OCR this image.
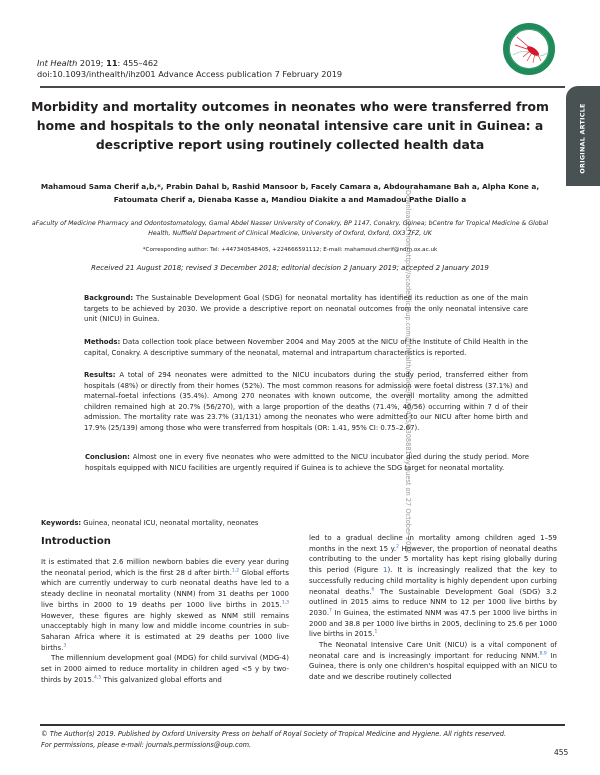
Int Health 2019; 11: 455–462
doi:10.1093/inthealth/ihz001 Advance Access publication 7 February 2019
ORIGINAL ARTICLE
Downloaded from https://academic.oup.com/inthealth/article/11/6/455/5308881 by guest on 27 October 2022
Morbidity and mortality outcomes in neonates who were transferred from home and hospitals to the only neonatal intensive care unit in Guinea: a descriptive report using routinely collected health data
Mahamoud Sama Cherif a,b,*, Prabin Dahal b, Rashid Mansoor b, Facely Camara a, Abdourahamane Bah a, Alpha Kone a, Fatoumata Cherif a, Dienaba Kasse a, Mandiou Diakite a and Mamadou Pathe Diallo a
aFaculty of Medicine Pharmacy and Odontostomatology, Gamal Abdel Nasser University of Conakry, BP 1147, Conakry, Guinea; bCentre for Tropical Medicine & Global Health, Nuffield Department of Clinical Medicine, University of Oxford, Oxford, OX3 7FZ, UK
*Corresponding author: Tel: +447340548405, +224666591112; E-mail: mahamoud.cherif@ndm.ox.ac.uk
Received 21 August 2018; revised 3 December 2018; editorial decision 2 January 2019; accepted 2 January 2019
Background: The Sustainable Development Goal (SDG) for neonatal mortality has identified its reduction as one of the main targets to be achieved by 2030. We provide a descriptive report on neonatal outcomes from the only neonatal intensive care unit (NICU) in Guinea.
Methods: Data collection took place between November 2004 and May 2005 at the NICU of the Institute of Child Health in the capital, Conakry. A descriptive summary of the neonatal, maternal and intrapartum characteristics is reported.
Results: A total of 294 neonates were admitted to the NICU incubators during the study period, transferred either from hospitals (48%) or directly from their homes (52%). The most common reasons for admission were foetal distress (37.1%) and maternal–foetal infections (35.4%). Among 270 neonates with known outcome, the overall mortality among the admitted children remained high at 20.7% (56/270), with a large proportion of the deaths (71.4%, 40/56) occurring within 7 d of their admission. The mortality rate was 23.7% (31/131) among the neonates who were admitted to our NICU after home birth and 17.9% (25/139) among those who were transferred from hospitals (OR: 1.41, 95% CI: 0.75–2.67).
Conclusion: Almost one in every five neonates who were admitted to the NICU incubator died during the study period. More hospitals equipped with NICU facilities are urgently required if Guinea is to achieve the SDG target for neonatal mortality.
Keywords: Guinea, neonatal ICU, neonatal mortality, neonates
Introduction
It is estimated that 2.6 million newborn babies die every year during the neonatal period, which is the first 28 d after birth.$^{1,2}$ Global efforts which are currently underway to curb neonatal deaths have led to a steady decline in neonatal mortality (NNM) from 31 deaths per 1000 live births in 2000 to 19 deaths per 1000 live births in 2015.$^{1,3}$ However, these figures are highly skewed as NNM still remains unacceptably high in many low and middle income countries in sub-Saharan Africa where it is estimated at 29 deaths per 1000 live births.$^3$
The millennium development goal (MDG) for child survival (MDG-4) set in 2000 aimed to reduce mortality in children aged <5 y by two-thirds by 2015.$^{4,5}$ This galvanized global efforts and
led to a gradual decline in mortality among children aged 1–59 months in the next 15 y.$^2$ However, the proportion of neonatal deaths contributing to the under 5 mortality has kept rising globally during this period (Figure 1). It is increasingly realized that the key to successfully reducing child mortality is highly dependent upon curbing neonatal deaths.$^6$ The Sustainable Development Goal (SDG) 3.2 outlined in 2015 aims to reduce NNM to 12 per 1000 live births by 2030.$^7$ In Guinea, the estimated NNM was 47.5 per 1000 live births in 2000 and 38.8 per 1000 live births in 2005, declining to 25.6 per 1000 live births in 2015.$^1$
The Neonatal Intensive Care Unit (NICU) is a vital component of neonatal care and is increasingly important for reducing NNM.$^{8,9}$ In Guinea, there is only one children's hospital equipped with an NICU to date and we describe routinely collected
© The Author(s) 2019. Published by Oxford University Press on behalf of Royal Society of Tropical Medicine and Hygiene. All rights reserved.
For permissions, please e-mail: journals.permissions@oup.com.
455
